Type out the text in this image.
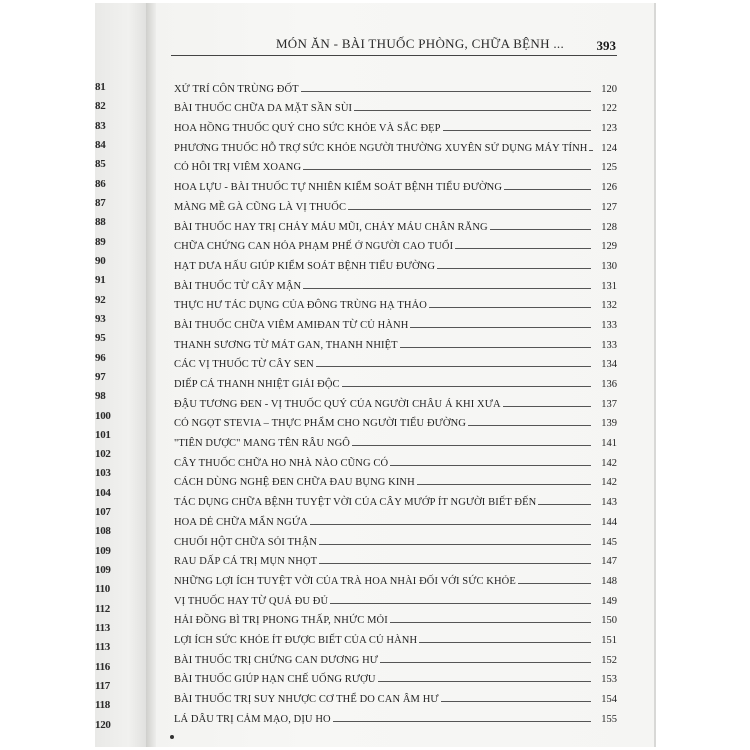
81
82
83
84
85
86
87
88
89
90
91
92
93
95
96
97
98
100
101
102
103
104
107
108
109
109
110
112
113
113
116
117
118
120
MÓN ĂN - BÀI THUỐC PHÒNG, CHỮA BỆNH ...	393
XỬ TRÍ CÔN TRÙNG ĐỐT	120
BÀI THUỐC CHỮA DA MẶT SẦN SÙI	122
HOA HỒNG THUỐC QUÝ CHO SỨC KHỎE VÀ SẮC ĐẸP	123
PHƯƠNG THUỐC HỖ TRỢ SỨC KHỎE NGƯỜI THƯỜNG XUYÊN SỬ DỤNG MÁY TÍNH	124
CỎ HÔI TRỊ VIÊM XOANG	125
HOA LỰU - BÀI THUỐC TỰ NHIÊN KIỂM SOÁT BỆNH TIỂU ĐƯỜNG	126
MÀNG MỀ GÀ CŨNG LÀ VỊ THUỐC	127
BÀI THUỐC HAY TRỊ CHẢY MÁU MŨI, CHẢY MÁU CHÂN RĂNG	128
CHỮA CHỨNG CAN HỎA PHẠM PHẾ Ở NGƯỜI CAO TUỔI	129
HẠT DƯA HẤU GIÚP KIỂM SOÁT BỆNH TIỂU ĐƯỜNG	130
BÀI THUỐC TỪ CÂY MẬN	131
THỰC HƯ TÁC DỤNG CỦA ĐÔNG TRÙNG HẠ THẢO	132
BÀI THUỐC CHỮA VIÊM AMIĐAN TỪ CỦ HÀNH	133
THANH SƯƠNG TỪ MÁT GAN, THANH NHIỆT	133
CÁC VỊ THUỐC TỪ CÂY SEN	134
DIẾP CÁ THANH NHIỆT GIẢI ĐỘC	136
ĐẬU TƯƠNG ĐEN - VỊ THUỐC QUÝ CỦA NGƯỜI CHÂU Á KHI XƯA	137
CỎ NGỌT STEVIA – THỰC PHẨM CHO NGƯỜI TIỂU ĐƯỜNG	139
"TIÊN DƯỢC" MANG TÊN RÂU NGÔ	141
CÂY THUỐC CHỮA HO NHÀ NÀO CŨNG CÓ	142
CÁCH DÙNG NGHỆ ĐEN CHỮA ĐAU BỤNG KINH	142
TÁC DỤNG CHỮA BỆNH TUYỆT VỜI CỦA CÂY MƯỚP ÍT NGƯỜI BIẾT ĐẾN	143
HOA DẺ CHỮA MẨN NGỨA	144
CHUỐI HỘT CHỮA SỎI THẬN	145
RAU DẤP CÁ TRỊ MỤN NHỌT	147
NHỮNG LỢI ÍCH TUYỆT VỜI CỦA TRÀ HOA NHÀI ĐỐI VỚI SỨC KHỎE	148
VỊ THUỐC HAY TỪ QUẢ ĐU ĐỦ	149
HẢI ĐỒNG BÌ TRỊ PHONG THẤP, NHỨC MỎI	150
LỢI ÍCH SỨC KHỎE ÍT ĐƯỢC BIẾT CỦA CỦ HÀNH	151
BÀI THUỐC TRỊ CHỨNG CAN DƯƠNG HƯ	152
BÀI THUỐC GIÚP HẠN CHẾ UỐNG RƯỢU	153
BÀI THUỐC TRỊ SUY NHƯỢC CƠ THỂ DO CAN ÂM HƯ	154
LÁ DÂU TRỊ CẢM MẠO, DỊU HO	155
